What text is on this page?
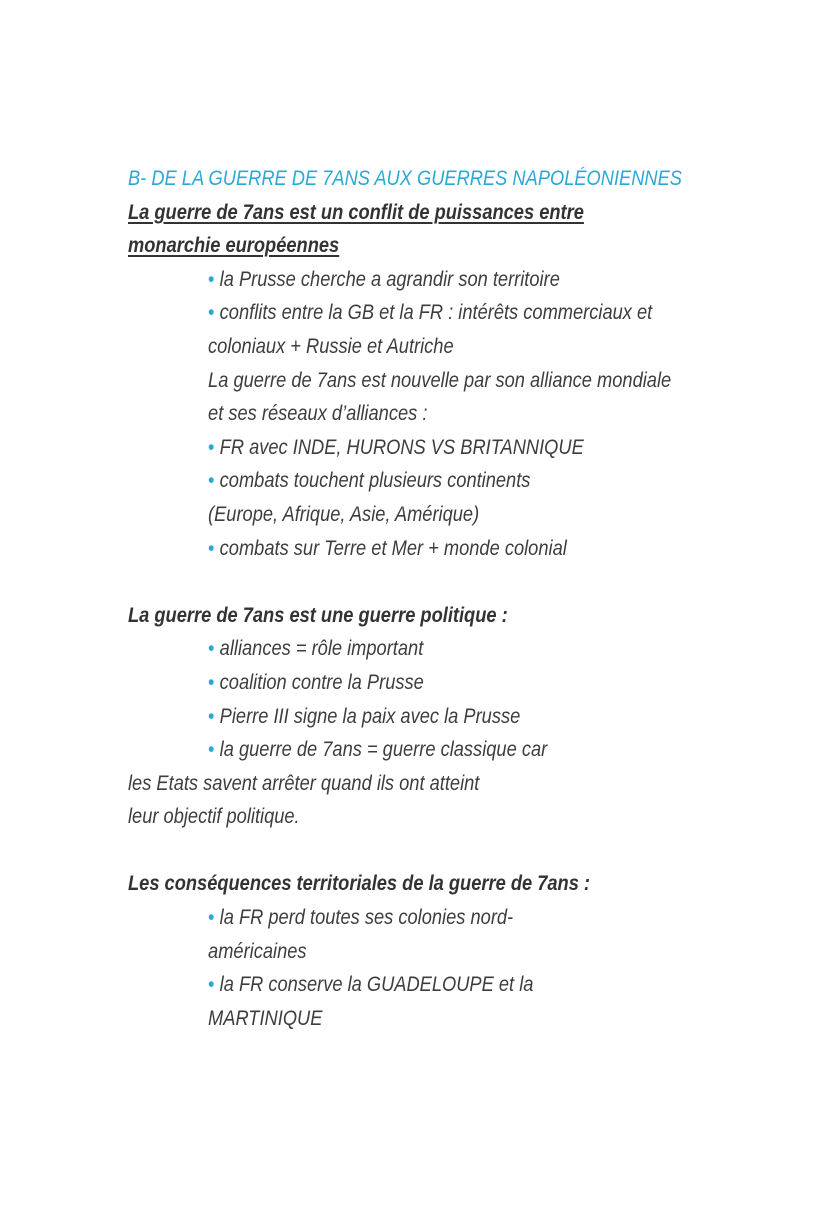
B- DE LA GUERRE DE 7ANS AUX GUERRES NAPOLÉONIENNES
La guerre de 7ans est un conflit de puissances entre
monarchie européennes
• la Prusse cherche a agrandir son territoire
• conflits entre la GB et la FR : intérêts commerciaux et
coloniaux + Russie et Autriche
La guerre de 7ans est nouvelle par son alliance mondiale
et ses réseaux d’alliances :
• FR avec INDE, HURONS VS BRITANNIQUE
• combats touchent plusieurs continents
(Europe, Afrique, Asie, Amérique)
• combats sur Terre et Mer + monde colonial
La guerre de 7ans est une guerre politique :
• alliances = rôle important
• coalition contre la Prusse
• Pierre III signe la paix avec la Prusse
• la guerre de 7ans = guerre classique car
les Etats savent arrêter quand ils ont atteint
leur objectif politique.
Les conséquences territoriales de la guerre de 7ans :
• la FR perd toutes ses colonies nord-
américaines
• la FR conserve la GUADELOUPE et la
MARTINIQUE
